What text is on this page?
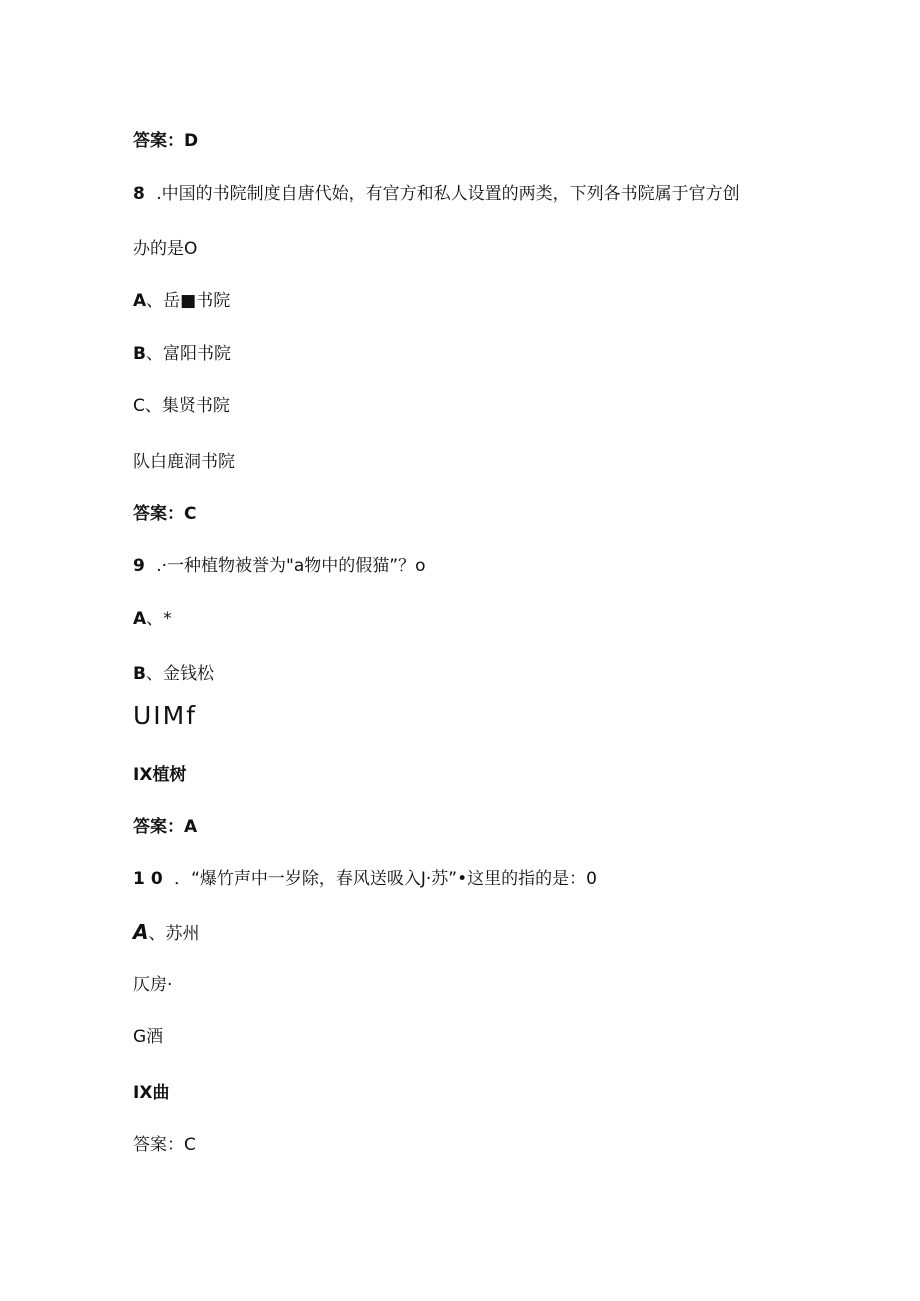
答案：D
8 .中国的书院制度自唐代始，有官方和私人设置的两类，下列各书院属于官方创
办的是O
A、岳■书院
B、富阳书院
C、集贤书院
队白鹿洞书院
答案：C
9 .·一种植物被誉为"a物中的假猫”？o
A、*
B、金钱松
UIMf
IX植树
答案：A
10 ．“爆竹声中一岁除，春风送吸入J·苏”•这里的指的是：0
A、苏州
仄房·
G酒
IX曲
答案：C
